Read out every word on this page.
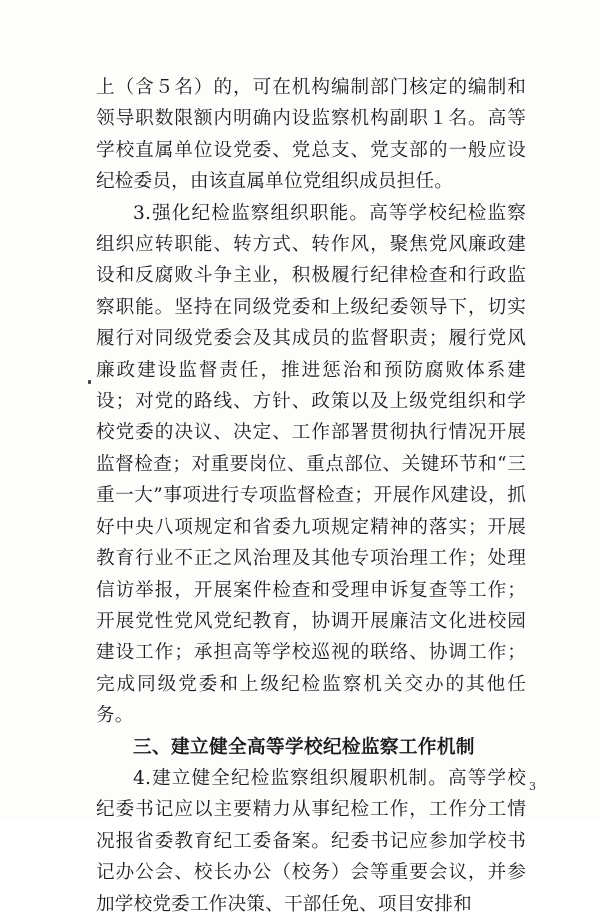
上（含５名）的，可在机构编制部门核定的编制和领导职数限额内明确内设监察机构副职１名。高等学校直属单位设党委、党总支、党支部的一般应设纪检委员，由该直属单位党组织成员担任。

3.强化纪检监察组织职能。高等学校纪检监察组织应转职能、转方式、转作风，聚焦党风廉政建设和反腐败斗争主业，积极履行纪律检查和行政监察职能。坚持在同级党委和上级纪委领导下，切实履行对同级党委会及其成员的监督职责；履行党风廉政建设监督责任，推进惩治和预防腐败体系建设；对党的路线、方针、政策以及上级党组织和学校党委的决议、决定、工作部署贯彻执行情况开展监督检查；对重要岗位、重点部位、关键环节和“三重一大”事项进行专项监督检查；开展作风建设，抓好中央八项规定和省委九项规定精神的落实；开展教育行业不正之风治理及其他专项治理工作；处理信访举报，开展案件检查和受理申诉复查等工作；开展党性党风党纪教育，协调开展廉洁文化进校园建设工作；承担高等学校巡视的联络、协调工作；完成同级党委和上级纪检监察机关交办的其他任务。

三、建立健全高等学校纪检监察工作机制

4.建立健全纪检监察组织履职机制。高等学校纪委书记应以主要精力从事纪检工作，工作分工情况报省委教育纪工委备案。纪委书记应参加学校书记办公会、校长办公（校务）会等重要会议，并参加学校党委工作决策、干部任免、项目安排和

3
